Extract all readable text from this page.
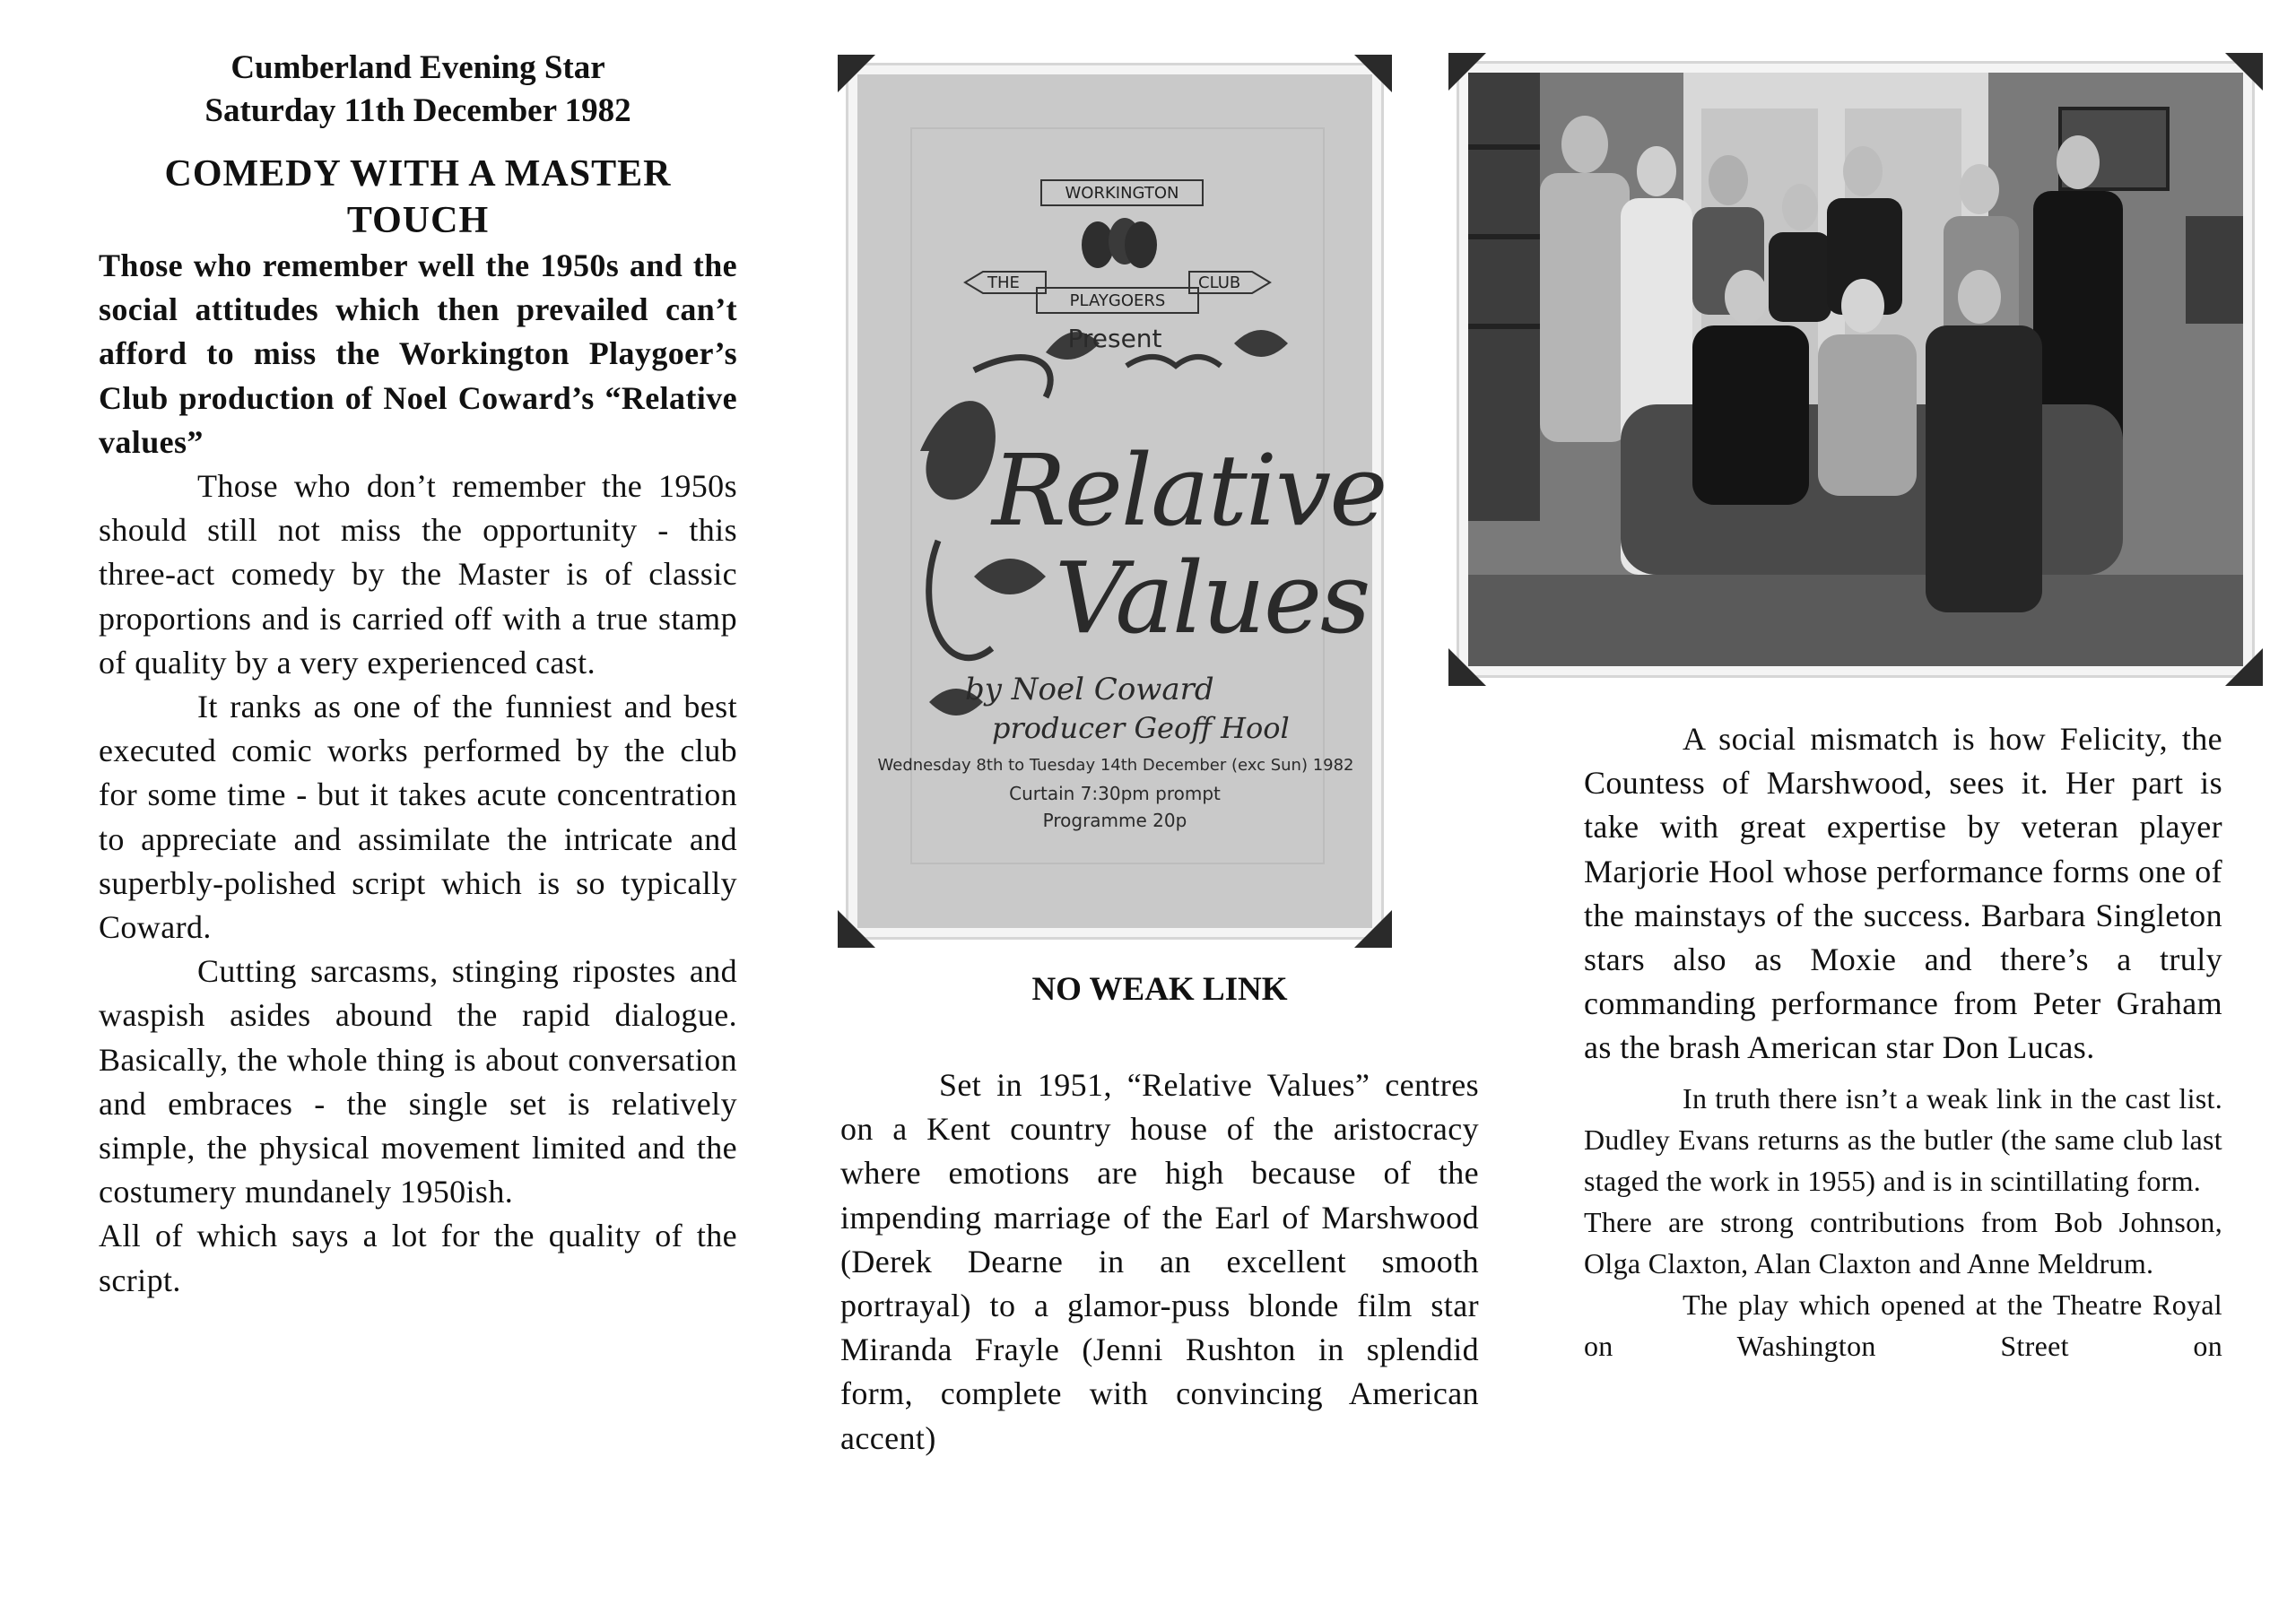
Cumberland Evening Star
Saturday 11th December 1982
COMEDY WITH A MASTER TOUCH

Those who remember well the 1950s and the social attitudes which then prevailed can’t afford to miss the Workington Playgoer’s Club production of Noel Coward’s “Relative values”

Those who don’t remember the 1950s should still not miss the opportunity - this three-act comedy by the Master is of classic proportions and is carried off with a true stamp of quality by a very experienced cast.

It ranks as one of the funniest and best executed comic works performed by the club for some time - but it takes acute concentration to appreciate and assimilate the intricate and superbly-polished script which is so typically Coward.

Cutting sarcasms, stinging ripostes and waspish asides abound the rapid dialogue. Basically, the whole thing is about conversation and embraces - the single set is relatively simple, the physical movement limited and the costumery mundanely 1950ish.

All of which says a lot for the quality of the script.

WORKINGTON
THE
PLAYGOERS
CLUB
Present
Relative
Values
by Noel Coward
producer Geoff Hool
Wednesday 8th to Tuesday 14th December (exc Sun) 1982
Curtain 7:30pm prompt
Programme 20p
NO WEAK LINK

Set in 1951, “Relative Values” centres on a Kent country house of the aristocracy where emotions are high because of the impending marriage of the Earl of Marshwood (Derek Dearne in an excellent smooth portrayal) to a glamor-puss blonde film star Miranda Frayle (Jenni Rushton in splendid form, complete with convincing American accent)

A social mismatch is how Felicity, the Countess of Marshwood, sees it. Her part is take with great expertise by veteran player Marjorie Hool whose performance forms one of the mainstays of the success. Barbara Singleton stars also as Moxie and there’s a truly commanding performance from Peter Graham as the brash American star Don Lucas.

In truth there isn’t a weak link in the cast list. Dudley Evans returns as the butler (the same club last staged the work in 1955) and is in scintillating form.

There are strong contributions from Bob Johnson, Olga Claxton, Alan Claxton and Anne Meldrum.

The play which opened at the Theatre Royal on Washington Street on
